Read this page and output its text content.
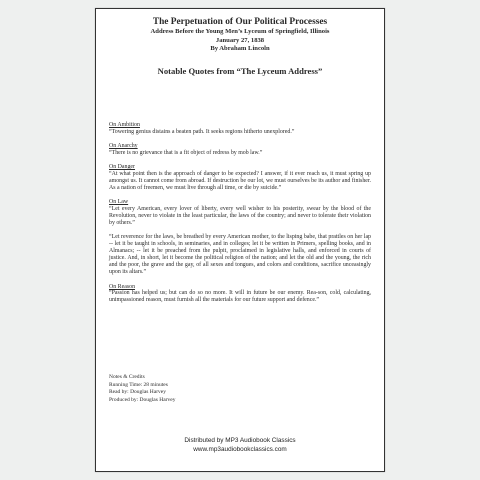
The Perpetuation of Our Political Processes
Address Before the Young Men’s Lyceum of Springfield, Illinois
January 27, 1838
By Abraham Lincoln
Notable Quotes from “The Lyceum Address”
On Ambition
“Towering genius distains a beaten path. It seeks regions hitherto unexplored.”
On Anarchy
“There is no grievance that is a fit object of redress by mob law.”
On Danger
“At what point then is the approach of danger to be expected? I answer, if it ever reach us, it must spring up amongst us. It cannot come from abroad. If destruction be our lot, we must ourselves be its author and finisher. As a nation of freemen, we must live through all time, or die by suicide.”
On Law
“Let every American, every lover of liberty, every well wisher to his posterity, swear by the blood of the Revolution, never to violate in the least particular, the laws of the country; and never to tolerate their violation by others.”
“Let reverence for the laws, be breathed by every American mother, to the lisping babe, that prattles on her lap -- let it be taught in schools, in seminaries, and in colleges; let it be written in Primers, spelling books, and in Almanacs; -- let it be preached from the pulpit, proclaimed in legislative halls, and enforced in courts of justice. And, in short, let it become the political religion of the nation; and let the old and the young, the rich and the poor, the grave and the gay, of all sexes and tongues, and colors and conditions, sacrifice unceasingly upon its altars.”
On Reason
“Passion has helped us; but can do so no more. It will in future be our enemy. Rea-son, cold, calculating, unimpassioned reason, must furnish all the materials for our future support and defence.”
Notes & Credits
Running Time: 28 minutes
Read by: Douglas Harvey
Produced by: Douglas Harvey
Distributed by MP3 Audiobook Classics
www.mp3audiobookclassics.com
